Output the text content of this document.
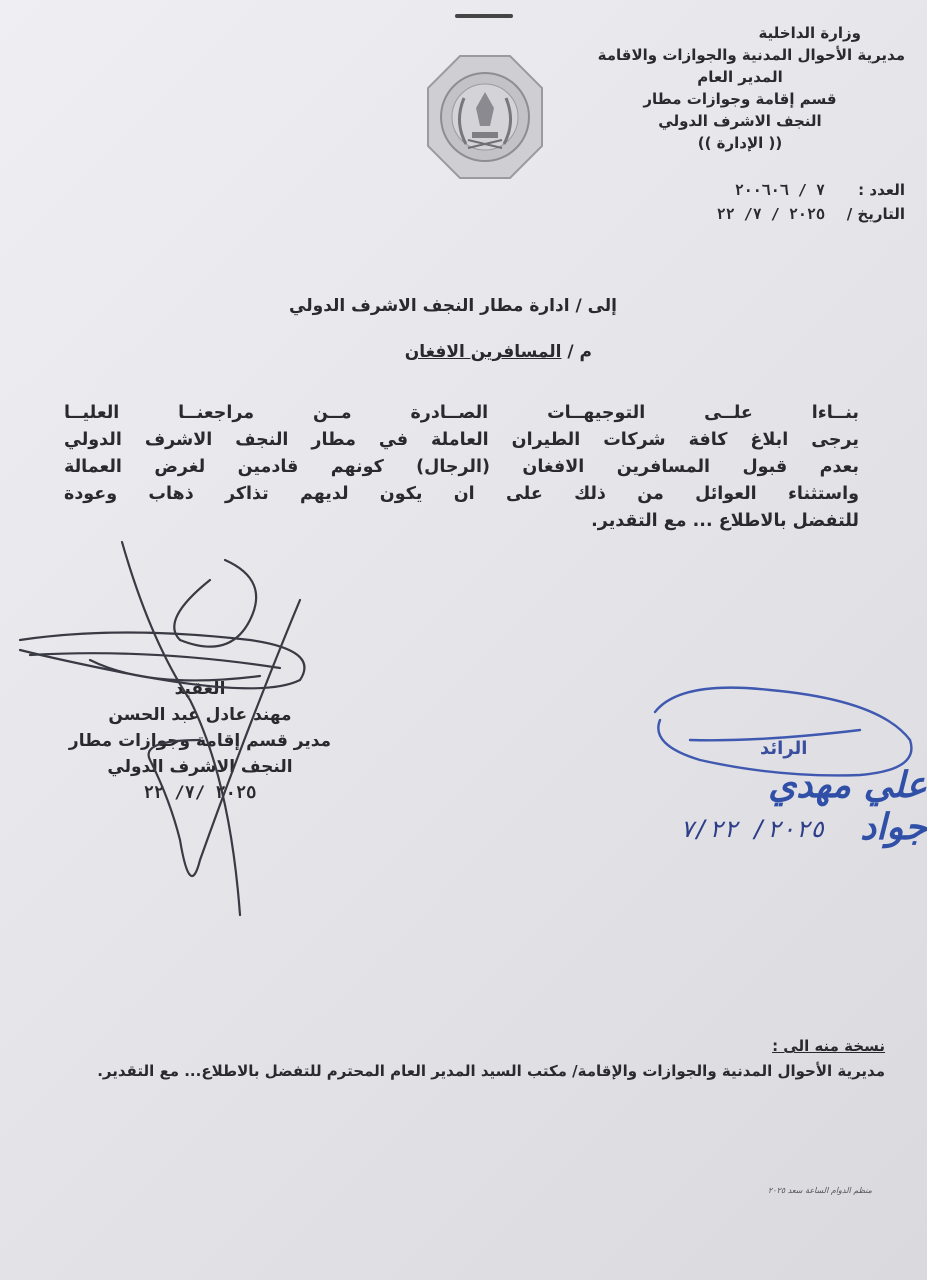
وزارة الداخلية
مديرية الأحوال المدنية والجوازات والاقامة
المدير العام
قسم إقامة وجوازات مطار
النجف الاشرف الدولي
(( الإدارة ))
العدد :
٧ / ٢٠٠٦٠٦
التاريخ /
٢٠٢٥ / ٧/ ٢٢
إلى / ادارة مطار النجف الاشرف الدولي
م / المسافرين الافغان

بنــاءا علــى التوجيهــات الصــادرة مــن مراجعنــا العليــا

يرجى ابلاغ كافة شركات الطيران العاملة في مطار النجف الاشرف الدولي

بعدم قبول المسافرين الافغان (الرجال) كونهم قادمين لغرض العمالة

واستثناء العوائل من ذلك على ان يكون لديهم تذاكر ذهاب وعودة

للتفضل بالاطلاع ... مع التقدير.

العقيد
مهند عادل عبد الحسن
مدير قسم إقامة وجوازات مطار
النجف الاشرف الدولي
٢٠٢٥ /٧/ ٢٢
الرائد
علي مهدي جواد
٢٠٢٥/ ٧/٢٢
نسخة منه الى :
مديرية الأحوال المدنية والجوازات والإقامة/ مكتب السيد المدير العام المحترم للتفضل بالاطلاع... مع التقدير.
منظم الدوام الساعة سعد ٢٠٢٥
